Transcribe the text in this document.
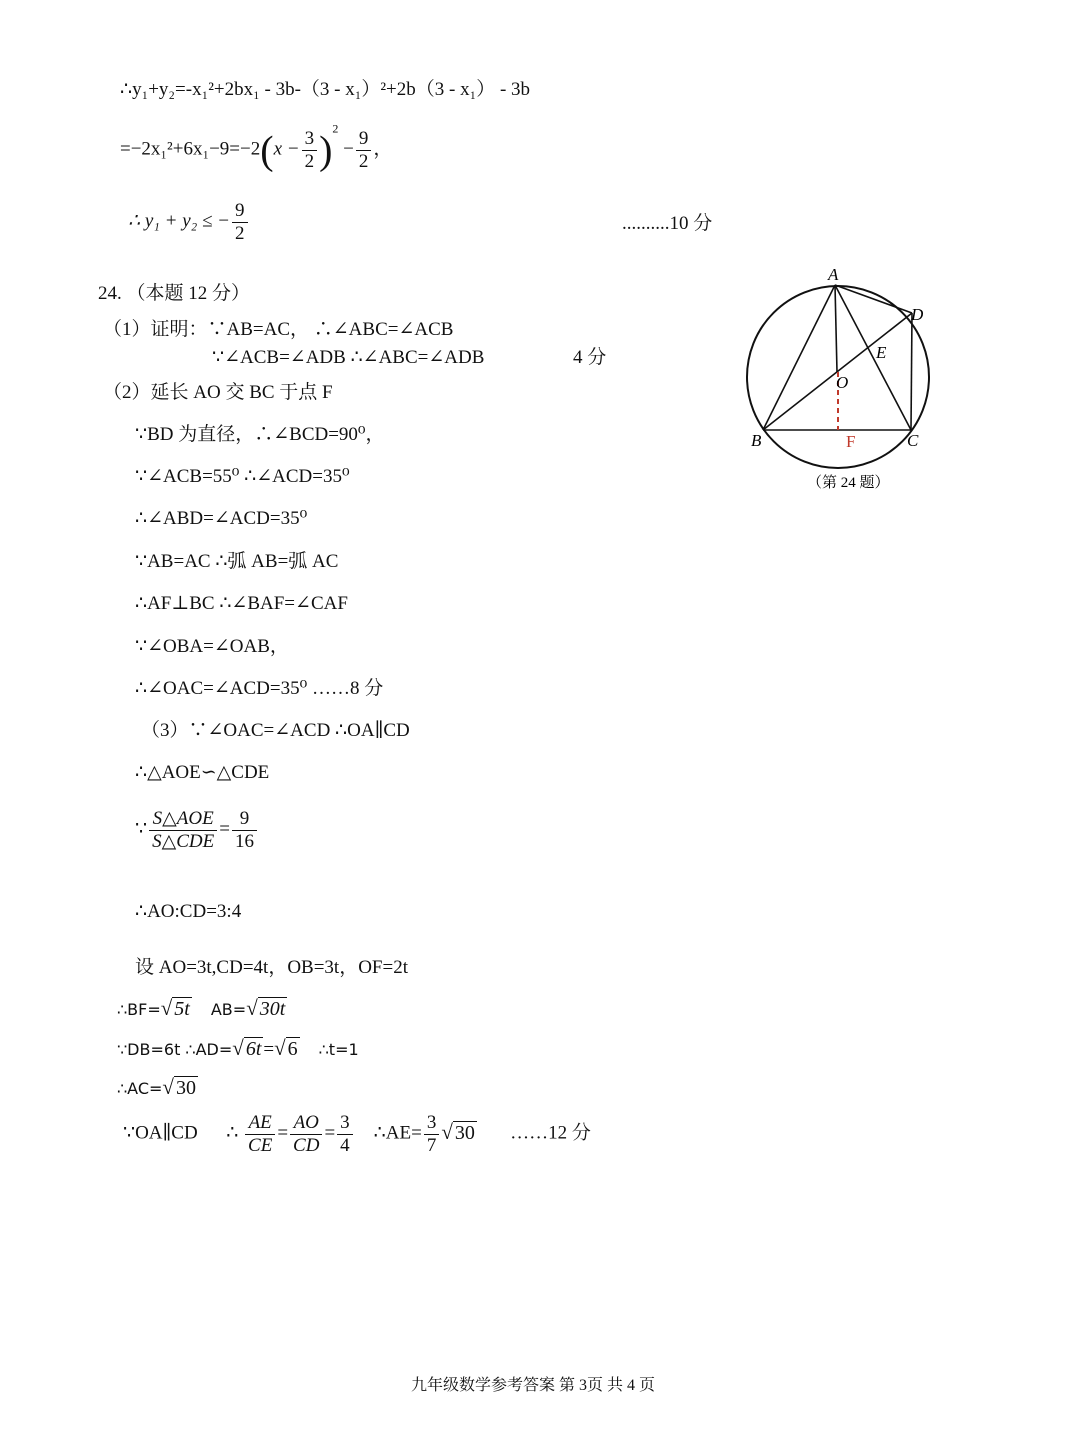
∴y₁+y₂=-x₁²+2bx₁ - 3b-（3 - x₁）²+2b（3 - x₁） - 3b
$=-2x_1^2+6x_1-9=-2(x - \frac{3}{2} )^2 - \frac{9}{2}$ ，
∴ y₁ + y₂ ≤ − $\frac{9}{2}$	..........10 分
24. （本题 12 分）
（1）证明：∵AB=AC， ∴∠ABC=∠ACB
∵∠ACB=∠ADB ∴∠ABC=∠ADB	4 分
（2）延长 AO 交 BC 于点 F
∵BD 为直径，∴∠BCD=90⁰，
∵∠ACB=55⁰ ∴∠ACD=35⁰
∴∠ABD=∠ACD=35⁰
∵AB=AC ∴弧 AB=弧 AC
∴AF⊥BC ∴∠BAF=∠CAF
∵∠OBA=∠OAB，
∴∠OAC=∠ACD=35⁰ ……8 分
（3）∵∠OAC=∠ACD ∴OA∥CD
∴△AOE∽△CDE
∵ $\frac{\text{S△AOE}}{\text{S△CDE}} = \frac{9}{16}$
∴AO:CD=3:4
设 AO=3t,CD=4t，OB=3t，OF=2t
∴BF=√ 5t AB=√ 30t
∵DB=6t ∴AD=√ 6t =√ 6 ∴t=1
∴AC=√ 30
∵OA∥CD ∴ $\frac{AE}{CE} = \frac{AO}{CD} = \frac{3}{4}$ ∴AE= $\frac{3}{7}$ √ 30 ……12 分
A
B	C
D
E
O
F
（第 24 题）
九年级数学参考答案 第 3页 共 4 页
